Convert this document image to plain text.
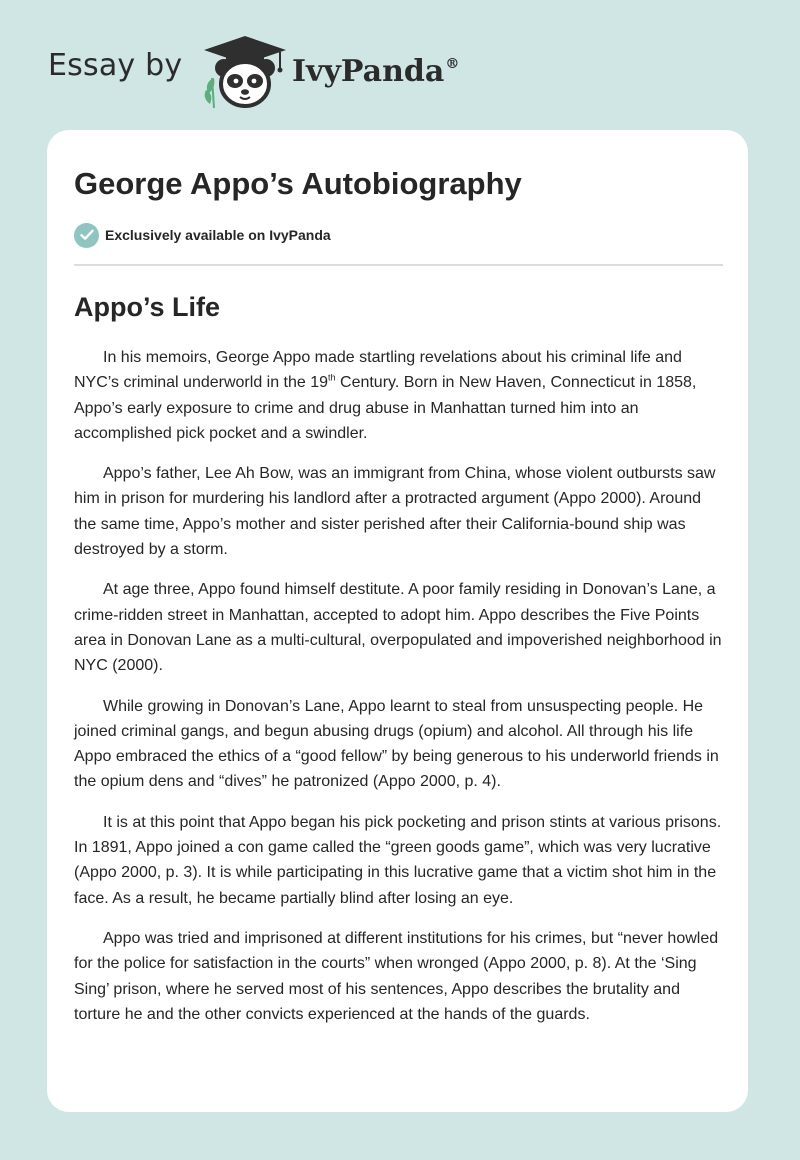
Essay by	IvyPanda®
George Appo’s Autobiography
Exclusively available on IvyPanda
Appo’s Life

In his memoirs, George Appo made startling revelations about his criminal life and NYC’s criminal underworld in the 19th Century. Born in New Haven, Connecticut in 1858, Appo’s early exposure to crime and drug abuse in Manhattan turned him into an accomplished pick pocket and a swindler.

Appo’s father, Lee Ah Bow, was an immigrant from China, whose violent outbursts saw him in prison for murdering his landlord after a protracted argument (Appo 2000). Around the same time, Appo’s mother and sister perished after their California-bound ship was destroyed by a storm.

At age three, Appo found himself destitute. A poor family residing in Donovan’s Lane, a crime-ridden street in Manhattan, accepted to adopt him. Appo describes the Five Points area in Donovan Lane as a multi-cultural, overpopulated and impoverished neighborhood in NYC (2000).

While growing in Donovan’s Lane, Appo learnt to steal from unsuspecting people. He joined criminal gangs, and begun abusing drugs (opium) and alcohol. All through his life Appo embraced the ethics of a “good fellow” by being generous to his underworld friends in the opium dens and “dives” he patronized (Appo 2000, p. 4).

It is at this point that Appo began his pick pocketing and prison stints at various prisons. In 1891, Appo joined a con game called the “green goods game”, which was very lucrative (Appo 2000, p. 3). It is while participating in this lucrative game that a victim shot him in the face. As a result, he became partially blind after losing an eye.

Appo was tried and imprisoned at different institutions for his crimes, but “never howled for the police for satisfaction in the courts” when wronged (Appo 2000, p. 8). At the ‘Sing Sing’ prison, where he served most of his sentences, Appo describes the brutality and torture he and the other convicts experienced at the hands of the guards.
